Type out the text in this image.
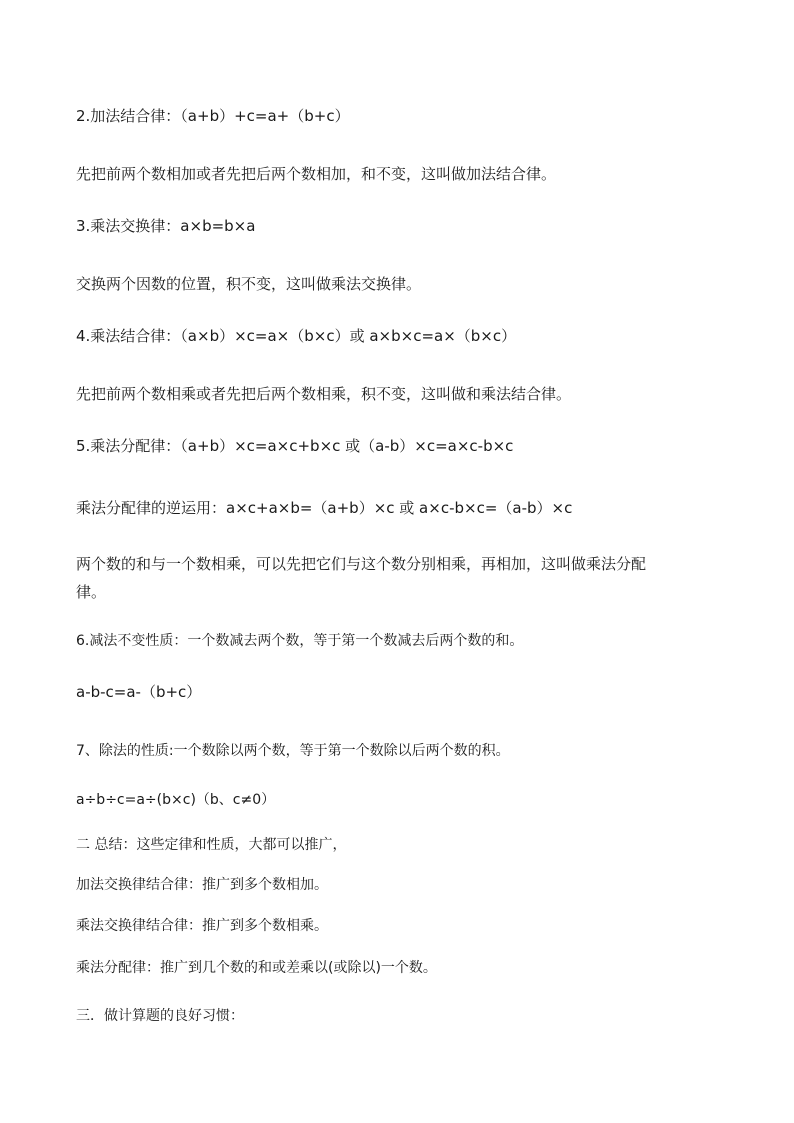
2.加法结合律：（a+b）+c=a+（b+c）
先把前两个数相加或者先把后两个数相加，和不变，这叫做加法结合律。
3.乘法交换律：a×b=b×a
交换两个因数的位置，积不变，这叫做乘法交换律。
4.乘法结合律：（a×b）×c=a×（b×c）或 a×b×c=a×（b×c）
先把前两个数相乘或者先把后两个数相乘，积不变，这叫做和乘法结合律。
5.乘法分配律：（a+b）×c=a×c+b×c 或（a-b）×c=a×c-b×c
乘法分配律的逆运用：a×c+a×b=（a+b）×c 或 a×c-b×c=（a-b）×c
两个数的和与一个数相乘，可以先把它们与这个数分别相乘，再相加，这叫做乘法分配律。
6.减法不变性质：一个数减去两个数，等于第一个数减去后两个数的和。
a-b-c=a-（b+c）
7、除法的性质:一个数除以两个数，等于第一个数除以后两个数的积。
a÷b÷c=a÷(b×c)（b、c≠0）
二 总结：这些定律和性质，大都可以推广，
加法交换律结合律：推广到多个数相加。
乘法交换律结合律：推广到多个数相乘。
乘法分配律：推广到几个数的和或差乘以(或除以)一个数。
三．做计算题的良好习惯：
